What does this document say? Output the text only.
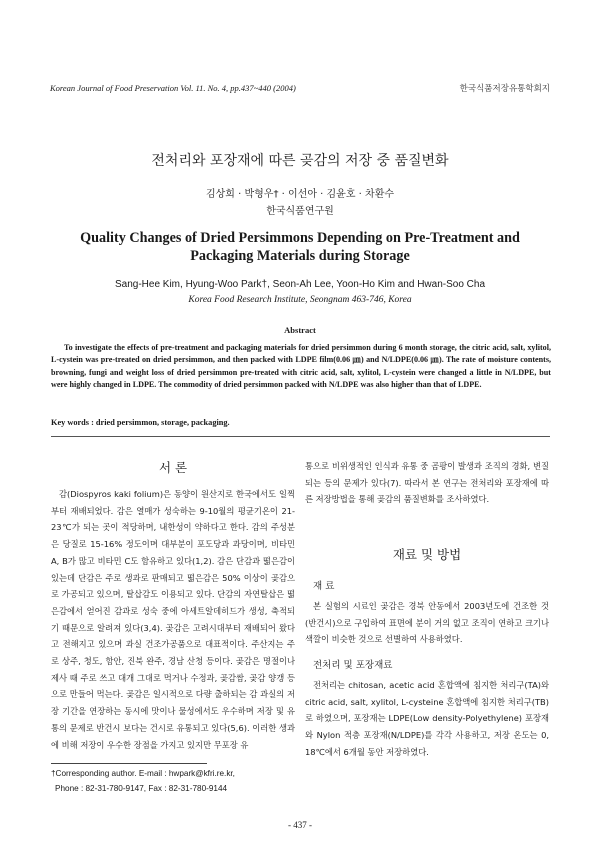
Korean Journal of Food Preservation Vol. 11. No. 4, pp.437~440 (2004)	한국식품저장유통학회지
전처리와 포장재에 따른 곶감의 저장 중 품질변화
김상희 · 박형우† · 이선아 · 김윤호 · 차환수
한국식품연구원
Quality Changes of Dried Persimmons Depending on Pre-Treatment and
Packaging Materials during Storage
Sang-Hee Kim, Hyung-Woo Park†, Seon-Ah Lee, Yoon-Ho Kim and Hwan-Soo Cha
Korea Food Research Institute, Seongnam 463-746, Korea
Abstract

To investigate the effects of pre-treatment and packaging materials for dried persimmon during 6 month storage, the citric acid, salt, xylitol, L-cystein was pre-treated on dried persimmon, and then packed with LDPE film(0.06 ㎛) and N/LDPE(0.06 ㎛). The rate of moisture contents, browning, fungi and weight loss of dried persimmon pre-treated with citric acid, salt, xylitol, L-cystein were changed a little in N/LDPE, but were highly changed in LDPE. The commodity of dried persimmon packed with N/LDPE was also higher than that of LDPE.

Key words : dried persimmon, storage, packaging.
서 론

감(Diospyros kaki folium)은 동양이 원산지로 한국에서도 일찍부터 재배되었다. 감은 열매가 성숙하는 9-10월의 평균기온이 21-23℃가 되는 곳이 적당하며, 내한성이 약하다고 한다. 감의 주성분은 당질로 15-16% 정도이며 대부분이 포도당과 과당이며, 비타민 A, B가 많고 비타민 C도 함유하고 있다(1,2). 감은 단감과 떫은감이 있는데 단감은 주로 생과로 판매되고 떫은감은 50% 이상이 곶감으로 가공되고 있으며, 탈삽감도 이용되고 있다. 단감의 자연탈삽은 떫은감에서 얻어진 감과로 성숙 중에 아세트알데히드가 생성, 축적되기 때문으로 알려져 있다(3,4). 곶감은 고려시대부터 재배되어 왔다고 전해지고 있으며 과실 건조가공품으로 대표적이다. 주산지는 주로 상주, 청도, 함안, 진북 완주, 경남 산청 등이다. 곶감은 명절이나 제사 때 주로 쓰고 대개 그대로 먹거나 수정과, 곶감쌈, 곶감 양갱 등으로 만들어 먹는다. 곶감은 일시적으로 다량 출하되는 감 과실의 저장 기간을 연장하는 동시에 맛이나 물성에서도 우수하며 저장 및 유통의 문제로 반건시 보다는 건시로 유통되고 있다(5,6). 이러한 생과에 비해 저장이 우수한 장점을 가지고 있지만 무포장 유

통으로 비위생적인 인식과 유통 중 곰팡이 발생과 조직의 경화, 변질되는 등의 문제가 있다(7). 따라서 본 연구는 전처리와 포장재에 따른 저장방법을 통해 곶감의 품질변화를 조사하였다.

재료 및 방법
재 료

본 실험의 시료인 곶감은 경북 안동에서 2003년도에 건조한 것(반건시)으로 구입하여 표면에 분이 거의 없고 조직이 연하고 크기나 색깔이 비슷한 것으로 선별하여 사용하였다.

전처리 및 포장재료

전처리는 chitosan, acetic acid 혼합액에 침지한 처리구(TA)와 citric acid, salt, xylitol, L-cysteine 혼합액에 침지한 처리구(TB)로 하였으며, 포장재는 LDPE(Low density-Polyethylene) 포장재와 Nylon 적층 포장재(N/LDPE)를 각각 사용하고, 저장 온도는 0, 18℃에서 6개월 동안 저장하였다.

†Corresponding author. E-mail : hwpark@kfri.re.kr,
Phone : 82-31-780-9147, Fax : 82-31-780-9144
- 437 -
